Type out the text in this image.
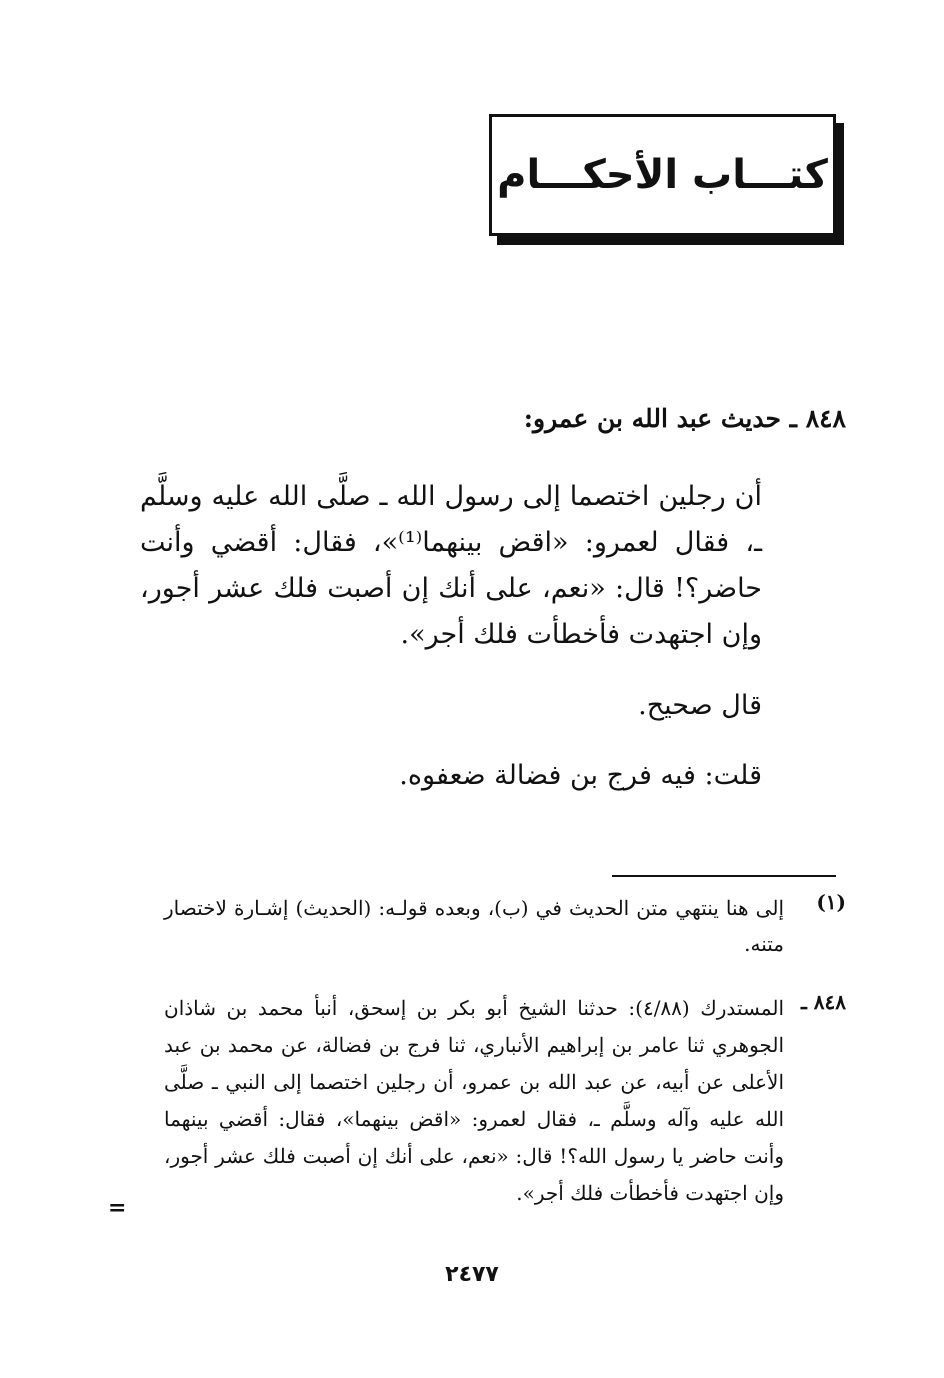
كتـــاب الأحكـــام
٨٤٨ ـ حديث عبد الله بن عمرو:
أن رجلين اختصما إلى رسول الله ـ صلَّى الله عليه وسلَّم ـ، فقال لعمرو: «اقض بينهما⁽¹⁾»، فقال: أقضي وأنت حاضر؟! قال: «نعم، على أنك إن أصبت فلك عشر أجور، وإن اجتهدت فأخطأت فلك أجر».
قال صحيح.
قلت: فيه فرج بن فضالة ضعفوه.
(١)
إلى هنا ينتهي متن الحديث في (ب)، وبعده قولـه: (الحديث) إشـارة لاختصار متنه.
٨٤٨ ـ
المستدرك (٤/٨٨): حدثنا الشيخ أبو بكر بن إسحق، أنبأ محمد بن شاذان الجوهري ثنا عامر بن إبراهيم الأنباري، ثنا فرج بن فضالة، عن محمد بن عبد الأعلى عن أبيه، عن عبد الله بن عمرو، أن رجلين اختصما إلى النبي ـ صلَّى الله عليه وآله وسلَّم ـ، فقال لعمرو: «اقض بينهما»، فقال: أقضي بينهما وأنت حاضر يا رسول الله؟! قال: «نعم، على أنك إن أصبت فلك عشر أجور، وإن اجتهدت فأخطأت فلك أجر».
=
٢٤٧٧
